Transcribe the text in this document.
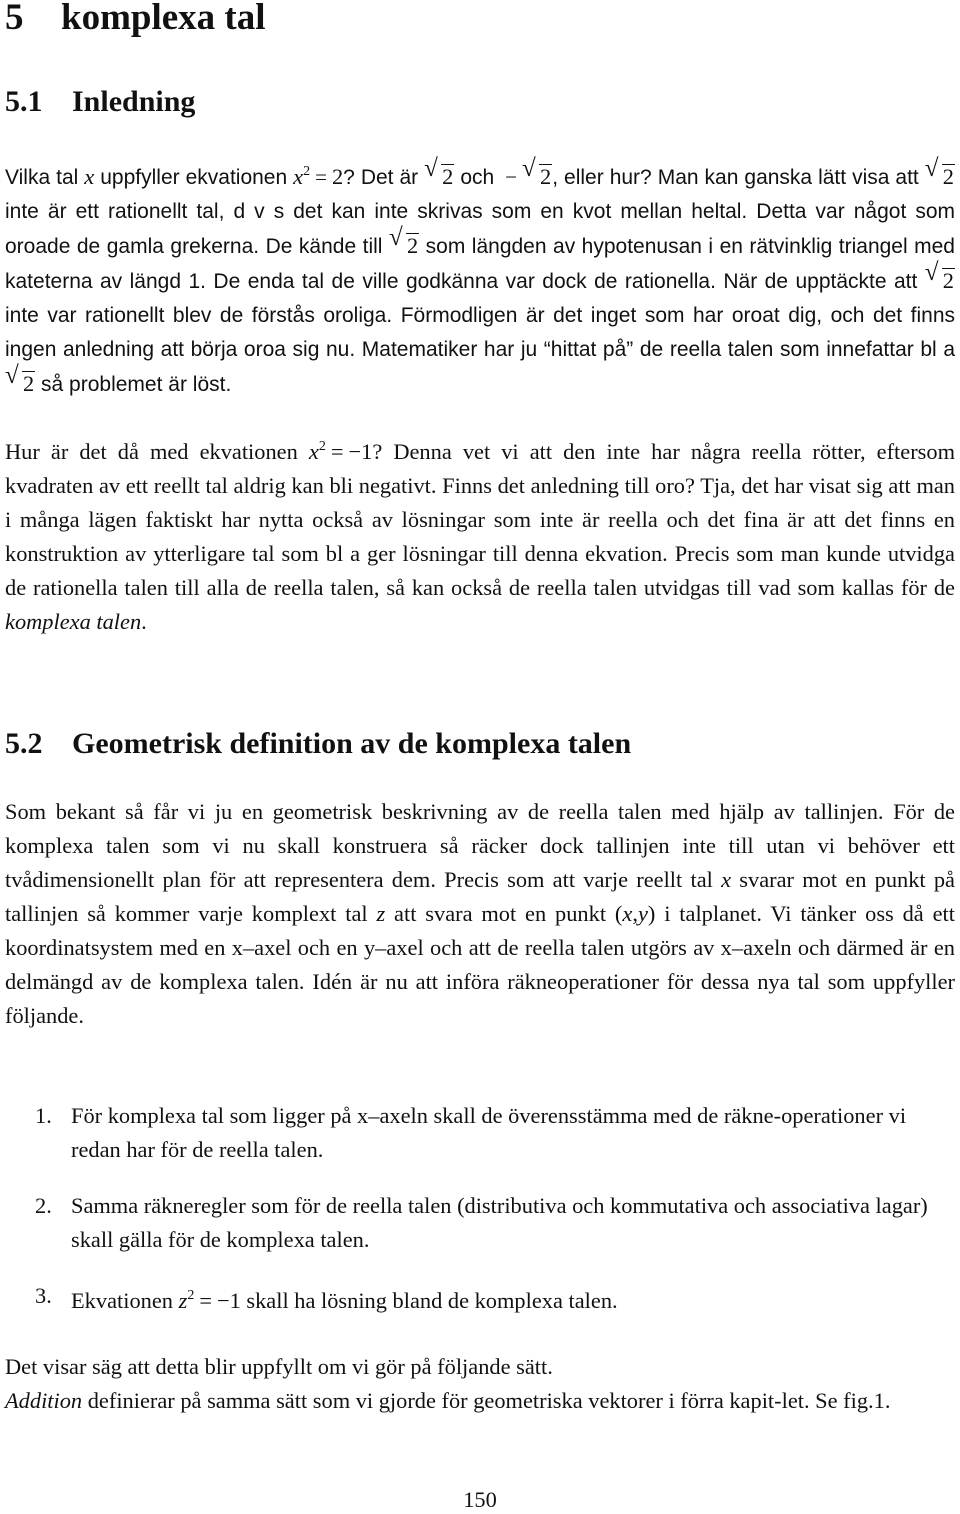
5 komplexa tal
5.1 Inledning

Vilka tal x uppfyller ekvationen $x^2 = 2$? Det är √ 2 och − √ 2, eller hur? Man kan ganska lätt visa att √ 2 inte är ett rationellt tal, d v s det kan inte skrivas som en kvot mellan heltal. Detta var något som oroade de gamla grekerna. De kände till √ 2 som längden av hypotenusan i en rätvinklig triangel med kateterna av längd 1. De enda tal de ville godkänna var dock de rationella. När de upptäckte att √ 2 inte var rationellt blev de förstås oroliga. Förmodligen är det inget som har oroat dig, och det finns ingen anledning att börja oroa sig nu. Matematiker har ju “hittat på” de reella talen som innefattar bl a
√ 2 så problemet är löst.

Hur är det då med ekvationen $x^2 = -1$? Denna vet vi att den inte har några reella rötter, eftersom kvadraten av ett reellt tal aldrig kan bli negativt. Finns det anledning till oro? Tja, det har visat sig att man i många lägen faktiskt har nytta också av lösningar som inte är reella och det fina är att det finns en konstruktion av ytterligare tal som bl a ger lösningar till denna ekvation. Precis som man kunde utvidga de rationella talen till alla de reella talen, så kan också de reella talen utvidgas till vad som kallas för de komplexa talen.

5.2 Geometrisk definition av de komplexa talen

Som bekant så får vi ju en geometrisk beskrivning av de reella talen med hjälp av tallinjen. För de komplexa talen som vi nu skall konstruera så räcker dock tallinjen inte till utan vi behöver ett tvådimensionellt plan för att representera dem. Precis som att varje reellt tal x svarar mot en punkt på tallinjen så kommer varje komplext tal z att svara mot en punkt (x,y) i talplanet. Vi tänker oss då ett koordinatsystem med en x–axel och en y–axel och att de reella talen utgörs av x–axeln och därmed är en delmängd av de komplexa talen. Idén är nu att införa räkneoperationer för dessa nya tal som uppfyller följande.

1. För komplexa tal som ligger på x–axeln skall de överensstämma med de räkne-operationer vi redan har för de reella talen.
2. Samma räkneregler som för de reella talen (distributiva och kommutativa och associativa lagar) skall gälla för de komplexa talen.
3. Ekvationen $z^2 = -1$ skall ha lösning bland de komplexa talen.

Det visar säg att detta blir uppfyllt om vi gör på följande sätt.

Addition definierar på samma sätt som vi gjorde för geometriska vektorer i förra kapit-let. Se fig.1.

150
